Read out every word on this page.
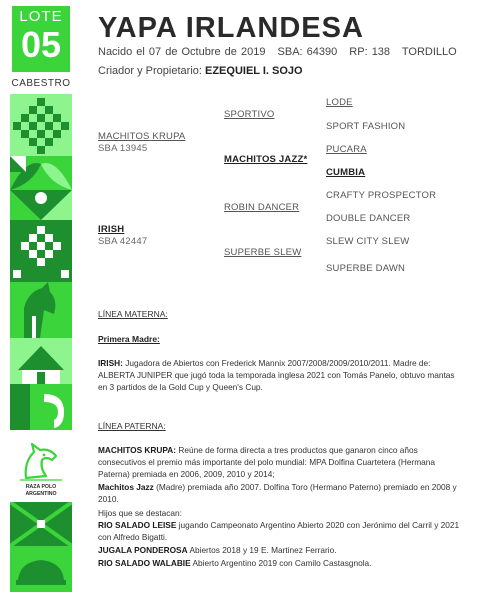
LOTE
05
CABESTRO
RAZA POLO
ARGENTINO
YAPA IRLANDESA
Nacido el 07 de Octubre de 2019 SBA: 64390 RP: 138 TORDILLO
Criador y Propietario: EZEQUIEL I. SOJO
MACHITOS KRUPA
SBA 13945
IRISH
SBA 42447
SPORTIVO
MACHITOS JAZZ*
ROBIN DANCER
SUPERBE SLEW
LODE
SPORT FASHION
PUCARA
CUMBIA
CRAFTY PROSPECTOR
DOUBLE DANCER
SLEW CITY SLEW
SUPERBE DAWN
LÍNEA MATERNA:
Primera Madre:
IRISH: Jugadora de Abiertos con Frederick Mannix 2007/2008/2009/2010/2011. Madre de: ALBERTA JUNIPER que jugó toda la temporada inglesa 2021 con Tomás Panelo, obtuvo mantas en 3 partidos de la Gold Cup y Queen's Cup.
LÍNEA PATERNA:
MACHITOS KRUPA: Reúne de forma directa a tres productos que ganaron cinco años consecutivos el premio más importante del polo mundial: MPA Dolfina Cuartetera (Hermana Paterna) premiada en 2006, 2009, 2010 y 2014;
Machitos Jazz (Madre) premiada año 2007. Dolfina Toro (Hermano Paterno) premiado en 2008 y 2010.
Hijos que se destacan:
RIO SALADO LEISE jugando Campeonato Argentino Abierto 2020 con Jerónimo del Carril y 2021 con Alfredo Bigatti.
JUGALA PONDEROSA Abiertos 2018 y 19 E. Martinez Ferrario.
RIO SALADO WALABIE Abierto Argentino 2019 con Camilo Castasgnola.
